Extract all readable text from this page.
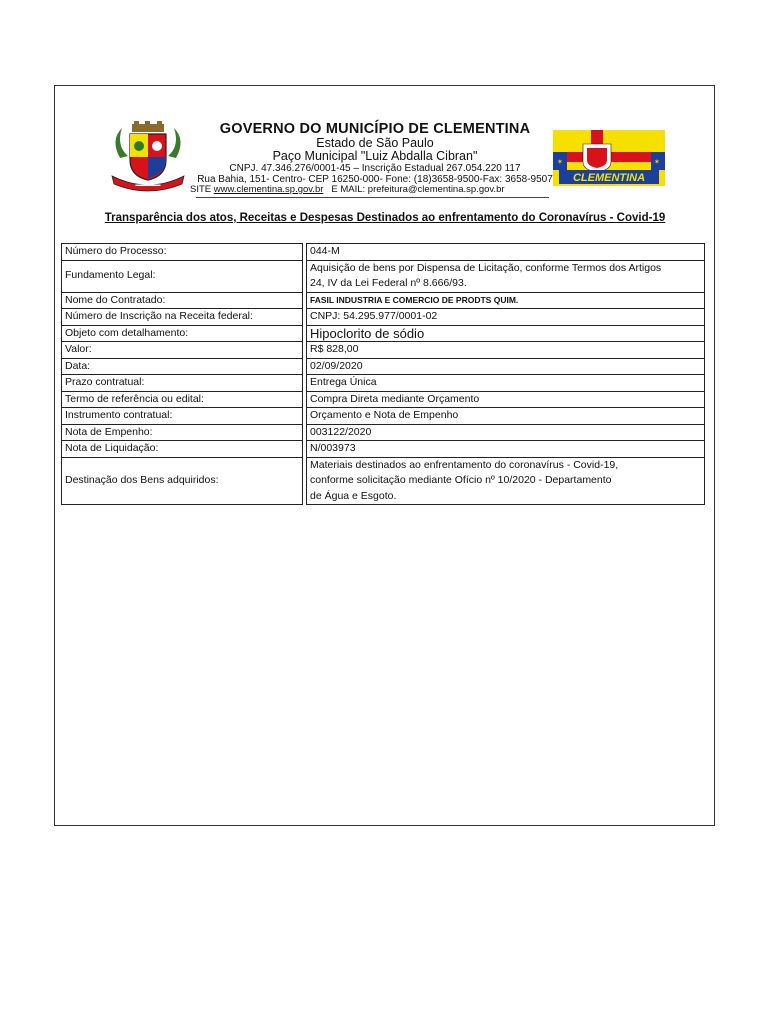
▬▬▬▬▬
GOVERNO DO MUNICÍPIO DE CLEMENTINA
Estado de São Paulo
Paço Municipal "Luiz Abdalla Cibran"
CNPJ. 47.346.276/0001-45 – Inscrição Estadual 267.054.220 117
Rua Bahia, 151- Centro- CEP 16250-000- Fone: (18)3658-9500-Fax: 3658-9507
SITE www.clementina.sp.gov.br E MAIL: prefeitura@clementina.sp.gov.br
✶	✶
CLEMENTINA
Transparência dos atos, Receitas e Despesas Destinados ao enfrentamento do Coronavírus - Covid-19
Número do Processo:		044-M
Fundamento Legal:		Aquisição de bens por Dispensa de Licitação, conforme Termos dos Artigos
24, IV da Lei Federal nº 8.666/93.

Nome do Contratado:		FASIL INDUSTRIA E COMERCIO DE PRODTS QUIM.
Número de Inscrição na Receita federal:		CNPJ: 54.295.977/0001-02
Objeto com detalhamento:		Hipoclorito de sódio
Valor:		R$ 828,00
Data:		02/09/2020
Prazo contratual:		Entrega Única
Termo de referência ou edital:		Compra Direta mediante Orçamento
Instrumento contratual:		Orçamento e Nota de Empenho
Nota de Empenho:		003122/2020
Nota de Liquidação:		N/003973
Destinação dos Bens adquiridos:		Materiais destinados ao enfrentamento do coronavírus - Covid-19,
conforme solicitação mediante Ofício nº 10/2020 - Departamento
de Água e Esgoto.
